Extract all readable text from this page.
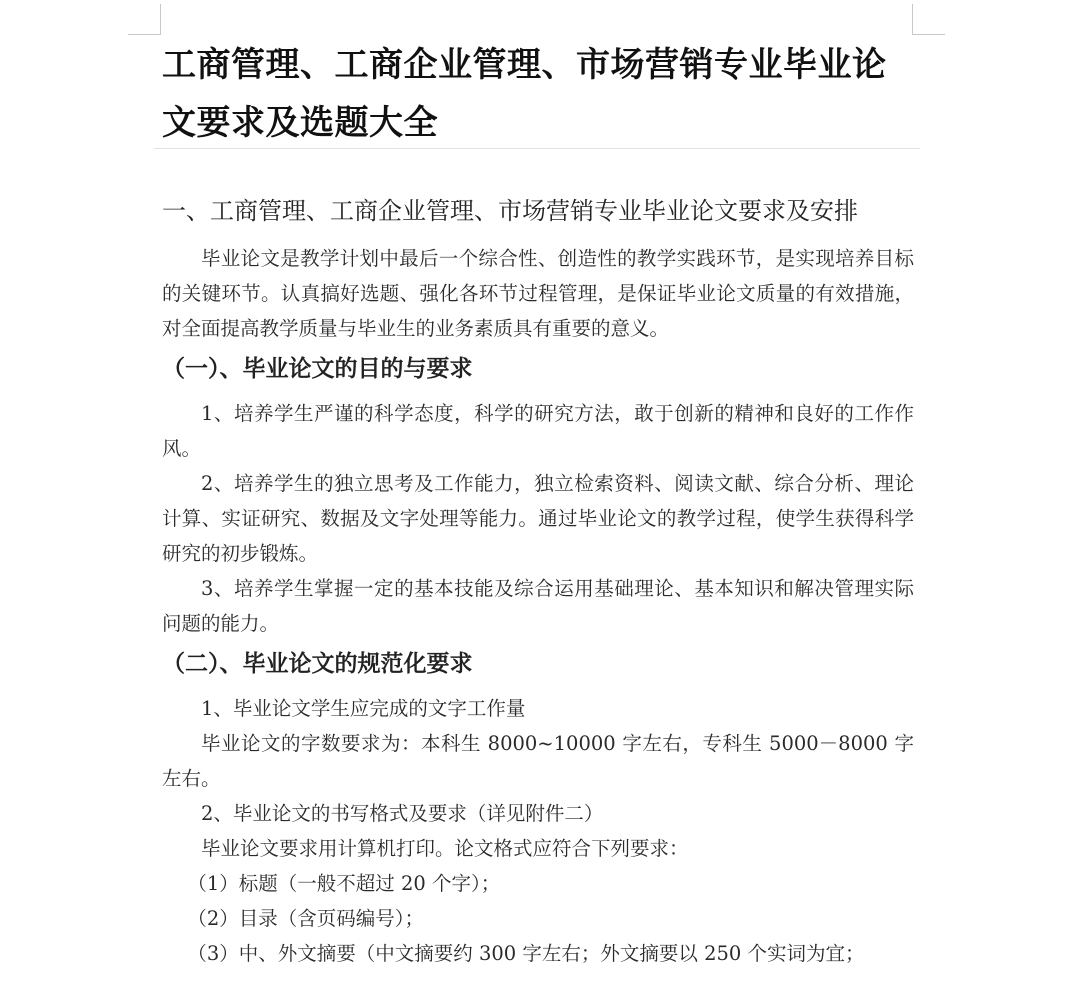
工商管理、工商企业管理、市场营销专业毕业论文要求及选题大全
一、工商管理、工商企业管理、市场营销专业毕业论文要求及安排

毕业论文是教学计划中最后一个综合性、创造性的教学实践环节，是实现培养目标的关键环节。认真搞好选题、强化各环节过程管理，是保证毕业论文质量的有效措施，对全面提高教学质量与毕业生的业务素质具有重要的意义。

（一）、毕业论文的目的与要求

1、培养学生严谨的科学态度，科学的研究方法，敢于创新的精神和良好的工作作风。

2、培养学生的独立思考及工作能力，独立检索资料、阅读文献、综合分析、理论计算、实证研究、数据及文字处理等能力。通过毕业论文的教学过程，使学生获得科学研究的初步锻炼。

3、培养学生掌握一定的基本技能及综合运用基础理论、基本知识和解决管理实际问题的能力。

（二）、毕业论文的规范化要求

1、毕业论文学生应完成的文字工作量

毕业论文的字数要求为：本科生 8000~10000 字左右，专科生 5000－8000 字左右。

2、毕业论文的书写格式及要求（详见附件二）

毕业论文要求用计算机打印。论文格式应符合下列要求：

（1）标题（一般不超过 20 个字）；

（2）目录（含页码编号）；

（3）中、外文摘要（中文摘要约 300 字左右；外文摘要以 250 个实词为宜；
